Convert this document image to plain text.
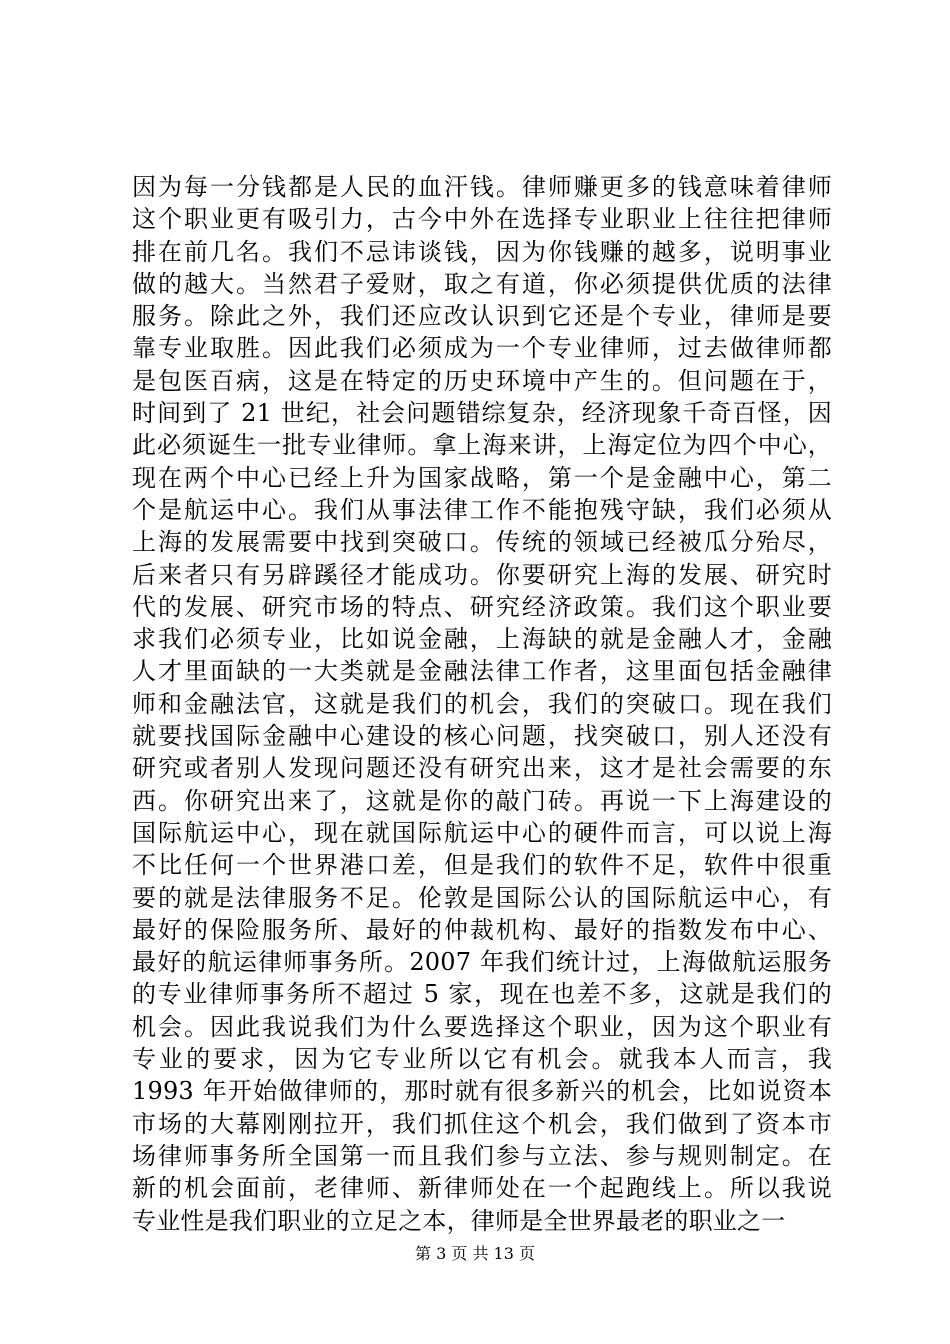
因为每一分钱都是人民的血汗钱。律师赚更多的钱意味着律师
这个职业更有吸引力，古今中外在选择专业职业上往往把律师
排在前几名。我们不忌讳谈钱，因为你钱赚的越多，说明事业
做的越大。当然君子爱财，取之有道，你必须提供优质的法律
服务。除此之外，我们还应改认识到它还是个专业，律师是要
靠专业取胜。因此我们必须成为一个专业律师，过去做律师都
是包医百病，这是在特定的历史环境中产生的。但问题在于，
时间到了 21 世纪，社会问题错综复杂，经济现象千奇百怪，因
此必须诞生一批专业律师。拿上海来讲，上海定位为四个中心，
现在两个中心已经上升为国家战略，第一个是金融中心，第二
个是航运中心。我们从事法律工作不能抱残守缺，我们必须从
上海的发展需要中找到突破口。传统的领域已经被瓜分殆尽，
后来者只有另辟蹊径才能成功。你要研究上海的发展、研究时
代的发展、研究市场的特点、研究经济政策。我们这个职业要
求我们必须专业，比如说金融，上海缺的就是金融人才，金融
人才里面缺的一大类就是金融法律工作者，这里面包括金融律
师和金融法官，这就是我们的机会，我们的突破口。现在我们
就要找国际金融中心建设的核心问题，找突破口，别人还没有
研究或者别人发现问题还没有研究出来，这才是社会需要的东
西。你研究出来了，这就是你的敲门砖。再说一下上海建设的
国际航运中心，现在就国际航运中心的硬件而言，可以说上海
不比任何一个世界港口差，但是我们的软件不足，软件中很重
要的就是法律服务不足。伦敦是国际公认的国际航运中心，有
最好的保险服务所、最好的仲裁机构、最好的指数发布中心、
最好的航运律师事务所。2007 年我们统计过，上海做航运服务
的专业律师事务所不超过 5 家，现在也差不多，这就是我们的
机会。因此我说我们为什么要选择这个职业，因为这个职业有
专业的要求，因为它专业所以它有机会。就我本人而言，我
1993 年开始做律师的，那时就有很多新兴的机会，比如说资本
市场的大幕刚刚拉开，我们抓住这个机会，我们做到了资本市
场律师事务所全国第一而且我们参与立法、参与规则制定。在
新的机会面前，老律师、新律师处在一个起跑线上。所以我说
专业性是我们职业的立足之本，律师是全世界最老的职业之一
第 3 页 共 13 页
